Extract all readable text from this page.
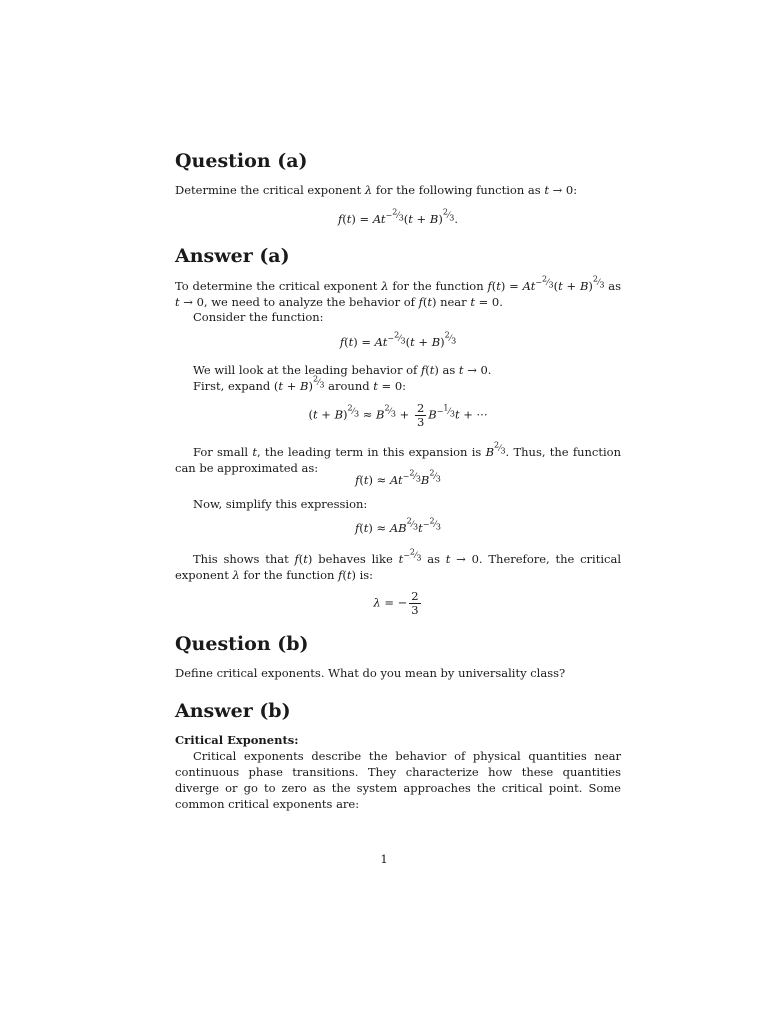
Question (a)

Determine the critical exponent λ for the following function as t → 0:

$f(t) = At^{-^2⁄_3}(t + B)^{^2⁄_3}$.
Answer (a)

To determine the critical exponent λ for the function $f(t) = At^{-^2⁄_3}(t + B)^{^2⁄_3}$ as t → 0, we need to analyze the behavior of f(t) near t = 0.

Consider the function:

$f(t) = At^{-^2⁄_3}(t + B)^{^2⁄_3}$

We will look at the leading behavior of f(t) as t → 0.

First, expand $(t + B)^{^2⁄_3}$ around t = 0:

$(t + B)^{^2⁄_3} \approx B^{^2⁄_3} + \frac{2}{3} B^{-^1⁄_3}t$ + ···

For small t, the leading term in this expansion is $B^{^2⁄_3}$. Thus, the function can be approximated as:

$f(t) \approx At^{-^2⁄_3}B^{^2⁄_3}$

Now, simplify this expression:

$f(t) \approx AB^{^2⁄_3}t^{-^2⁄_3}$

This shows that f(t) behaves like $t^{-^2⁄_3}$ as t → 0. Therefore, the critical exponent λ for the function f(t) is:

λ = − $\frac{2}{3}$
Question (b)

Define critical exponents. What do you mean by universality class?

Answer (b)

Critical Exponents:

Critical exponents describe the behavior of physical quantities near continuous phase transitions. They characterize how these quantities diverge or go to zero as the system approaches the critical point. Some common critical exponents are:

1
